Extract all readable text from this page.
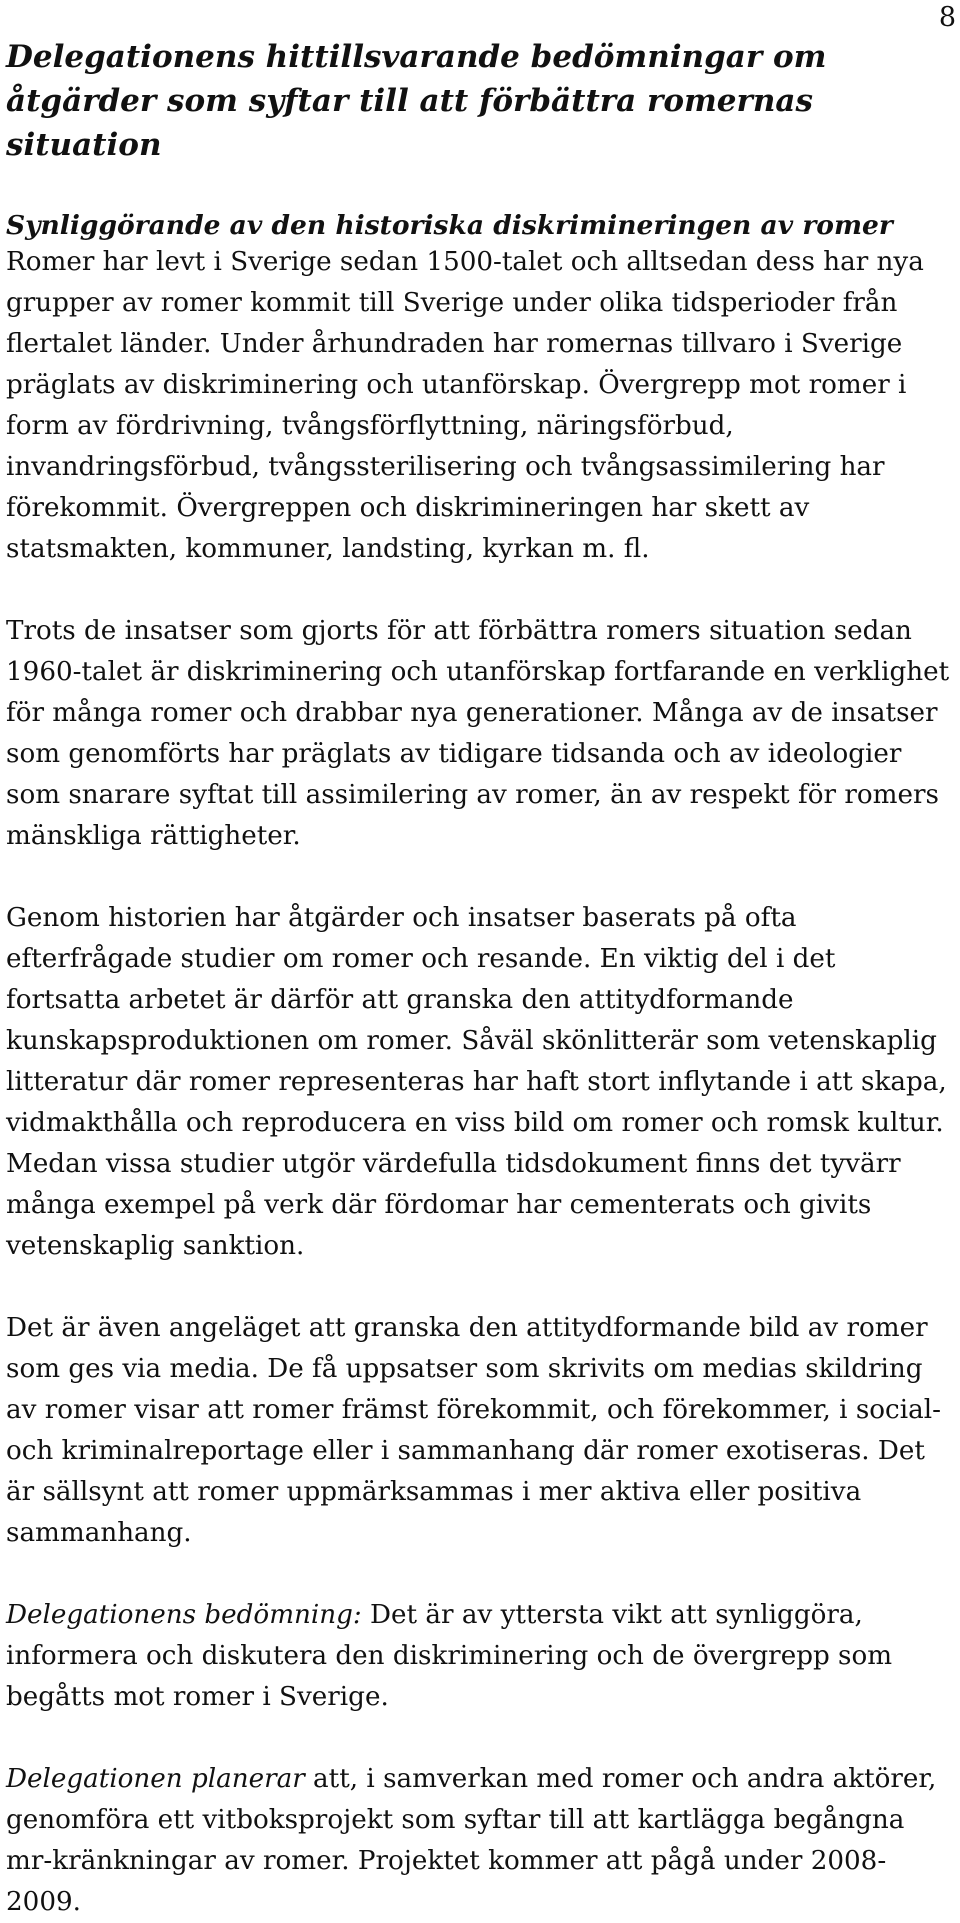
8
Delegationens hittillsvarande bedömningar om åtgärder som syftar till att förbättra romernas situation
Synliggörande av den historiska diskrimineringen av romer

Romer har levt i Sverige sedan 1500-talet och alltsedan dess har nya grupper av romer kommit till Sverige under olika tidsperioder från flertalet länder. Under århundraden har romernas tillvaro i Sverige präglats av diskriminering och utanförskap. Övergrepp mot romer i form av fördrivning, tvångsförflyttning, näringsförbud, invandringsförbud, tvångssterilisering och tvångsassimilering har förekommit. Övergreppen och diskrimineringen har skett av statsmakten, kommuner, landsting, kyrkan m. fl.

Trots de insatser som gjorts för att förbättra romers situation sedan 1960-talet är diskriminering och utanförskap fortfarande en verklighet för många romer och drabbar nya generationer. Många av de insatser som genomförts har präglats av tidigare tidsanda och av ideologier som snarare syftat till assimilering av romer, än av respekt för romers mänskliga rättigheter.

Genom historien har åtgärder och insatser baserats på ofta efterfrågade studier om romer och resande. En viktig del i det fortsatta arbetet är därför att granska den attitydformande kunskapsproduktionen om romer. Såväl skönlitterär som vetenskaplig litteratur där romer representeras har haft stort inflytande i att skapa, vidmakthålla och reproducera en viss bild om romer och romsk kultur. Medan vissa studier utgör värdefulla tidsdokument finns det tyvärr många exempel på verk där fördomar har cementerats och givits vetenskaplig sanktion.

Det är även angeläget att granska den attitydformande bild av romer som ges via media. De få uppsatser som skrivits om medias skildring av romer visar att romer främst förekommit, och förekommer, i social- och kriminalreportage eller i sammanhang där romer exotiseras. Det är sällsynt att romer uppmärksammas i mer aktiva eller positiva sammanhang.

Delegationens bedömning: Det är av yttersta vikt att synliggöra, informera och diskutera den diskriminering och de övergrepp som begåtts mot romer i Sverige.

Delegationen planerar att, i samverkan med romer och andra aktörer, genomföra ett vitboksprojekt som syftar till att kartlägga begångna mr-kränkningar av romer. Projektet kommer att pågå under 2008-2009.
